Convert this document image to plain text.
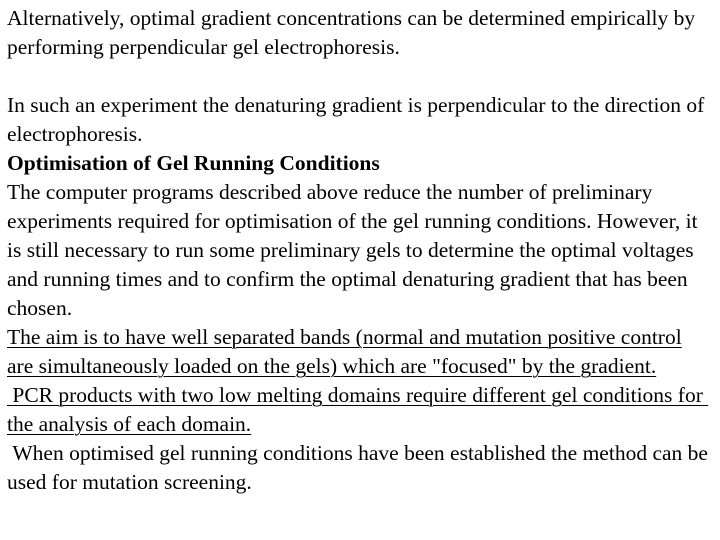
Alternatively, optimal gradient concentrations can be determined empirically by performing perpendicular gel electrophoresis.

In such an experiment the denaturing gradient is perpendicular to the direction of electrophoresis.

Optimisation of Gel Running Conditions

The computer programs described above reduce the number of preliminary experiments required for optimisation of the gel running conditions. However, it is still necessary to run some preliminary gels to determine the optimal voltages and running times and to confirm the optimal denaturing gradient that has been chosen.

The aim is to have well separated bands (normal and mutation positive control are simultaneously loaded on the gels) which are "focused" by the gradient.

PCR products with two low melting domains require different gel conditions for the analysis of each domain.

When optimised gel running conditions have been established the method can be used for mutation screening.
